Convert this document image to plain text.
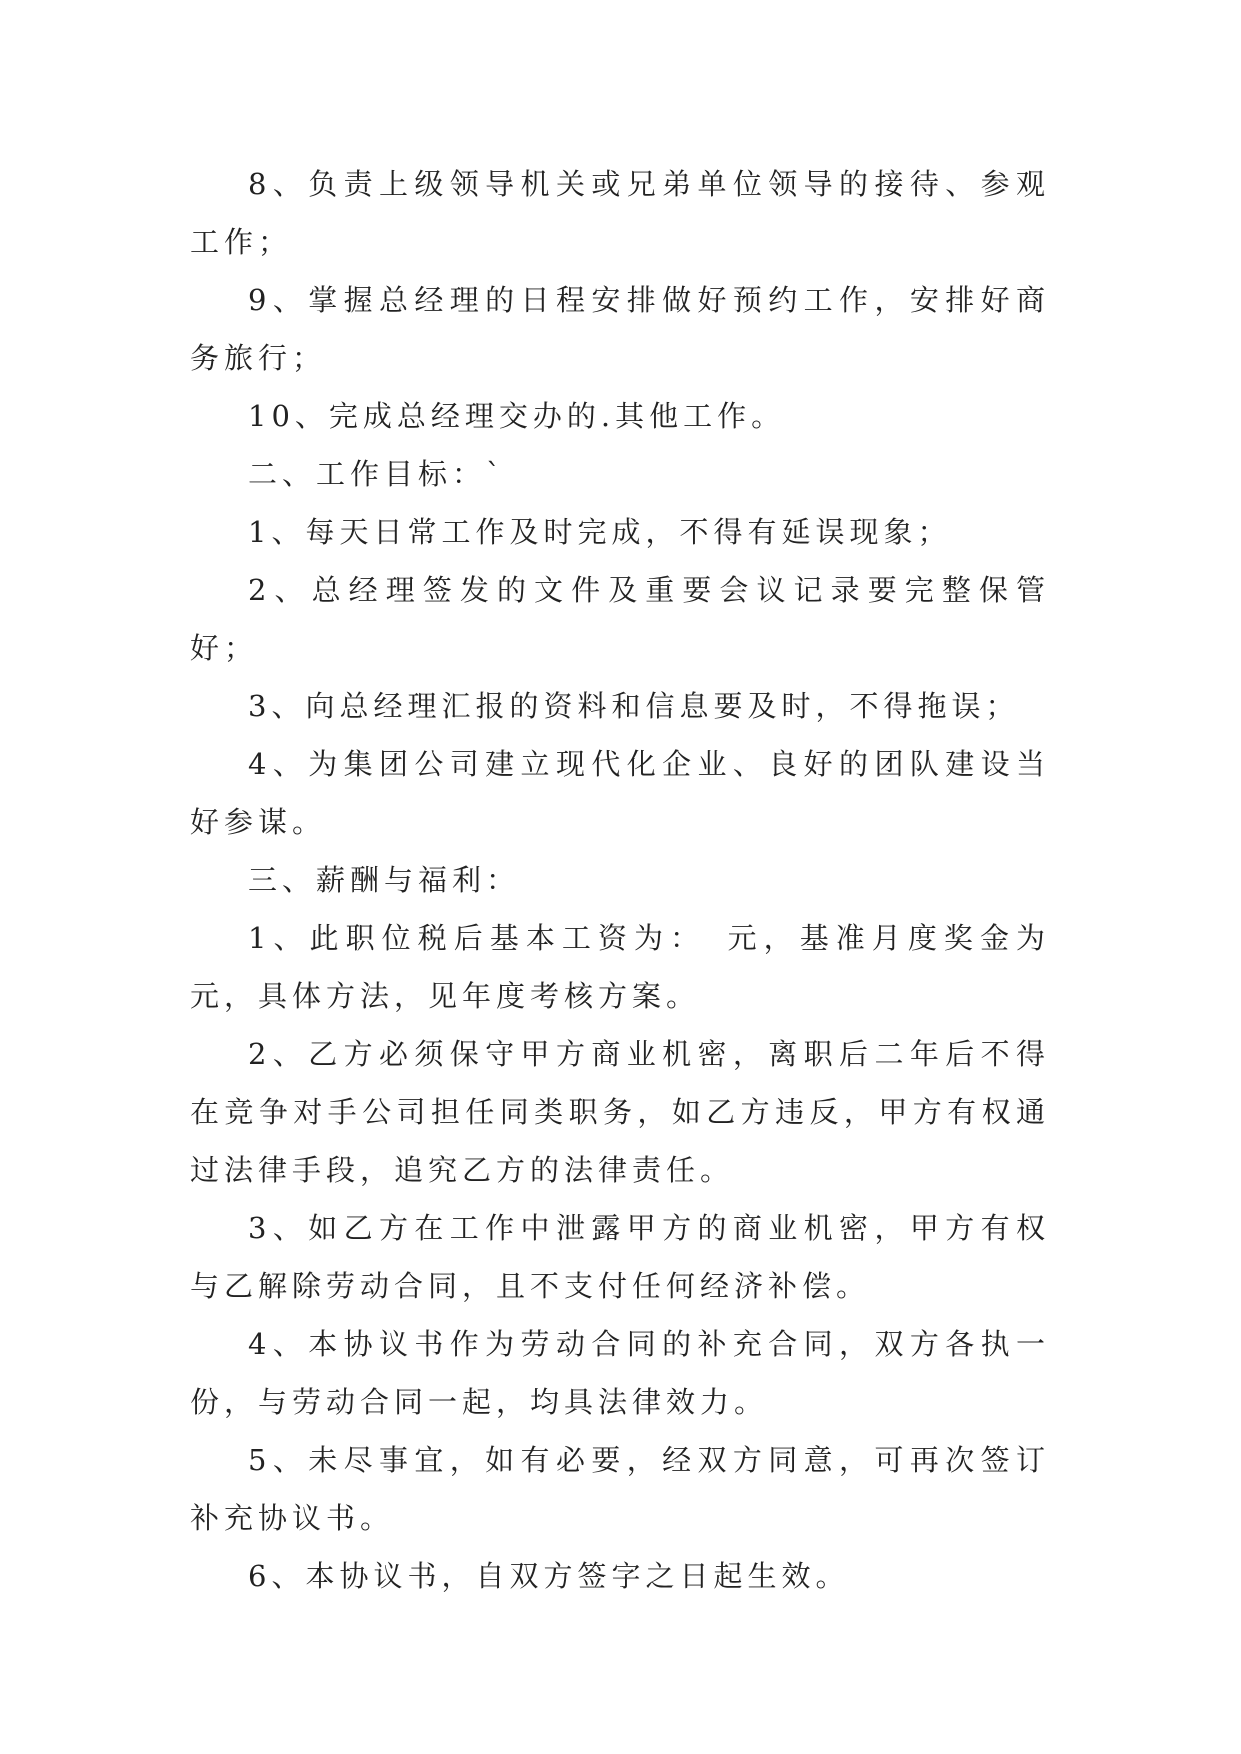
8、负责上级领导机关或兄弟单位领导的接待、参观工作；

9、掌握总经理的日程安排做好预约工作，安排好商务旅行；

10、完成总经理交办的.其他工作。

二、工作目标：`

1、每天日常工作及时完成，不得有延误现象；

2、总经理签发的文件及重要会议记录要完整保管好；

3、向总经理汇报的资料和信息要及时，不得拖误；

4、为集团公司建立现代化企业、良好的团队建设当好参谋。

三、薪酬与福利：

1、此职位税后基本工资为：　元，基准月度奖金为 元，具体方法，见年度考核方案。

2、乙方必须保守甲方商业机密，离职后二年后不得在竞争对手公司担任同类职务，如乙方违反，甲方有权通过法律手段，追究乙方的法律责任。

3、如乙方在工作中泄露甲方的商业机密，甲方有权与乙解除劳动合同，且不支付任何经济补偿。

4、本协议书作为劳动合同的补充合同，双方各执一份，与劳动合同一起，均具法律效力。

5、未尽事宜，如有必要，经双方同意，可再次签订补充协议书。

6、本协议书，自双方签字之日起生效。
